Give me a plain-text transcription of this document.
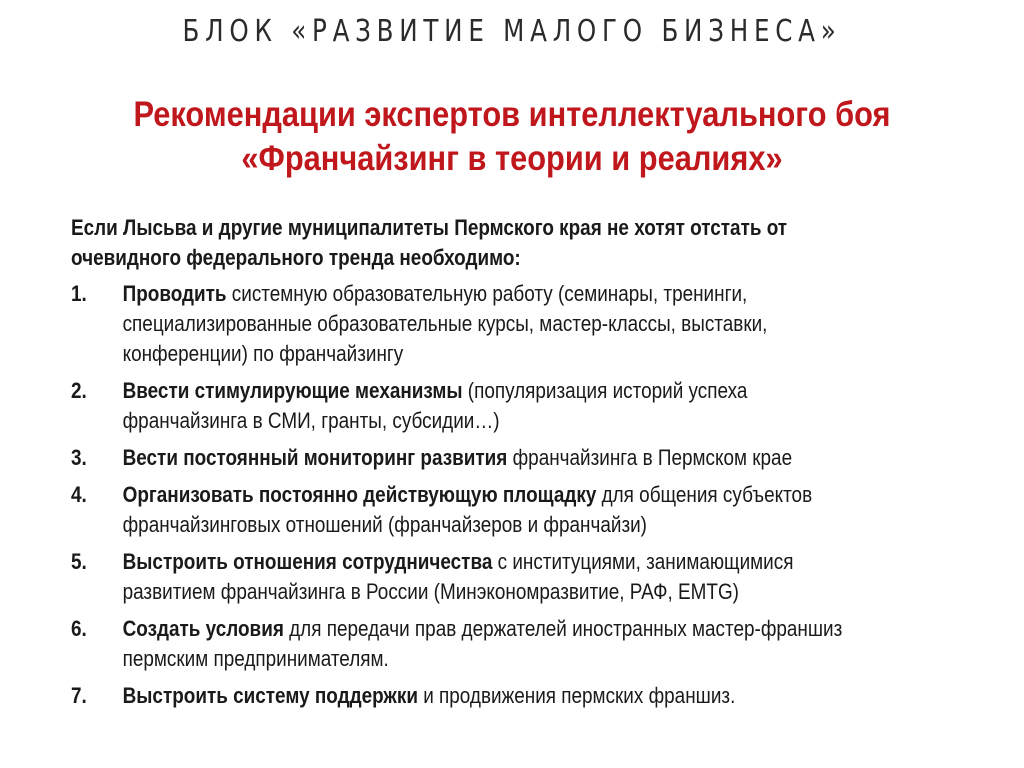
БЛОК «РАЗВИТИЕ МАЛОГО БИЗНЕСА»
Рекомендации экспертов интеллектуального боя
«Франчайзинг в теории и реалиях»
Если Лысьва и другие муниципалитеты Пермского края не хотят отстать от
очевидного федерального тренда необходимо:
1. Проводить системную образовательную работу (семинары, тренинги,
специализированные образовательные курсы, мастер-классы, выставки,
конференции) по франчайзингу
2. Ввести стимулирующие механизмы (популяризация историй успеха
франчайзинга в СМИ, гранты, субсидии…)
3. Вести постоянный мониторинг развития франчайзинга в Пермском крае
4. Организовать постоянно действующую площадку для общения субъектов
франчайзинговых отношений (франчайзеров и франчайзи)
5. Выстроить отношения сотрудничества с институциями, занимающимися
развитием франчайзинга в России (Минэкономразвитие, РАФ, EMTG)
6. Создать условия для передачи прав держателей иностранных мастер-франшиз
пермским предпринимателям.
7. Выстроить систему поддержки и продвижения пермских франшиз.
